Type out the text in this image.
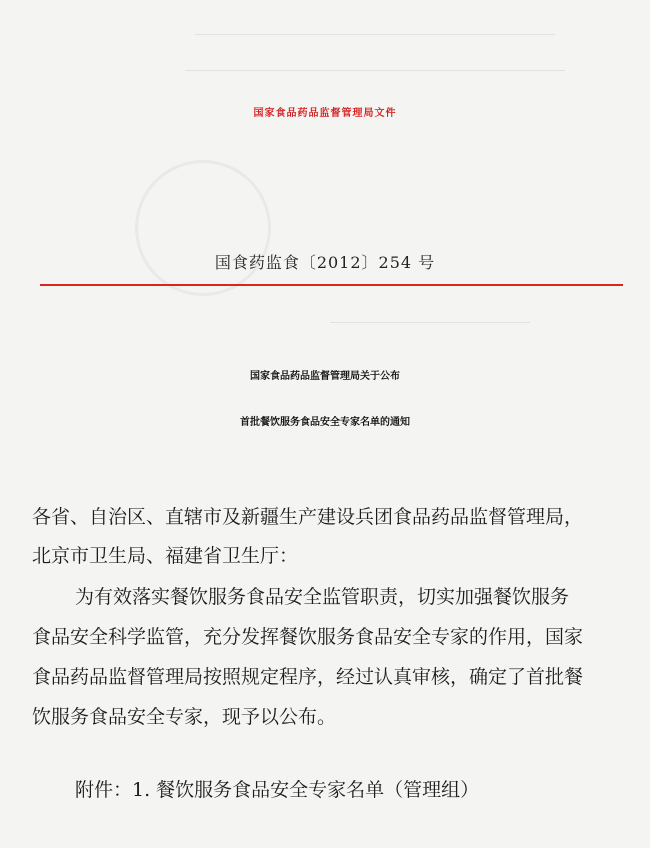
国家食品药品监督管理局文件
国食药监食〔2012〕254 号
国家食品药品监督管理局关于公布
首批餐饮服务食品安全专家名单的通知
各省、自治区、直辖市及新疆生产建设兵团食品药品监督管理局，
北京市卫生局、福建省卫生厅：
为有效落实餐饮服务食品安全监管职责，切实加强餐饮服务
食品安全科学监管，充分发挥餐饮服务食品安全专家的作用，国家
食品药品监督管理局按照规定程序，经过认真审核，确定了首批餐
饮服务食品安全专家，现予以公布。
附件：1. 餐饮服务食品安全专家名单（管理组）
